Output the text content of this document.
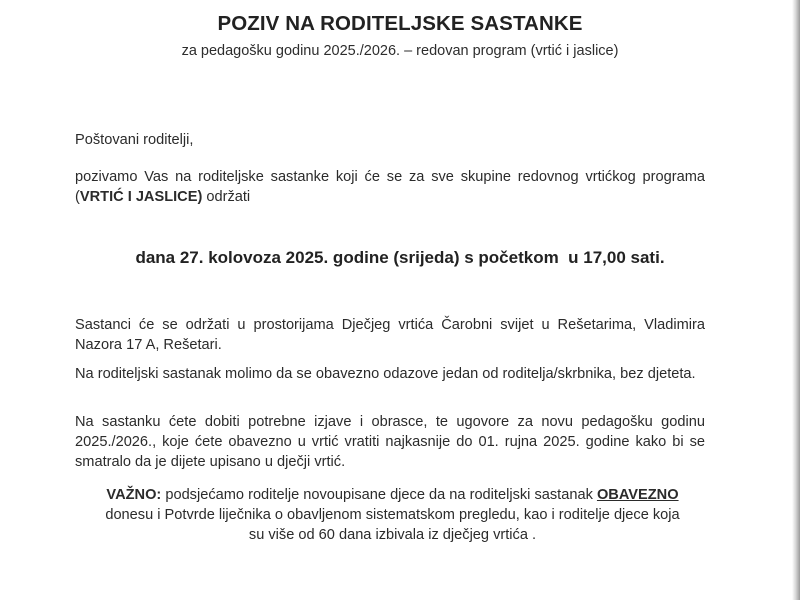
POZIV NA RODITELJSKE SASTANKE
za pedagošku godinu 2025./2026. – redovan program (vrtić i jaslice)
Poštovani roditelji,
pozivamo Vas na roditeljske sastanke koji će se za sve skupine redovnog vrtićkog programa (VRTIĆ I JASLICE) održati
dana 27. kolovoza 2025. godine (srijeda) s početkom  u 17,00 sati.
Sastanci će se održati u prostorijama Dječjeg vrtića Čarobni svijet u Rešetarima, Vladimira Nazora 17 A, Rešetari.
Na roditeljski sastanak molimo da se obavezno odazove jedan od roditelja/skrbnika, bez djeteta.
Na sastanku ćete dobiti potrebne izjave i obrasce, te ugovore za novu pedagošku godinu 2025./2026., koje ćete obavezno u vrtić vratiti najkasnije do 01. rujna 2025. godine kako bi se smatralo da je dijete upisano u dječji vrtić.
VAŽNO: podsjećamo roditelje novoupisane djece da na roditeljski sastanak OBAVEZNO
donesu i Potvrde liječnika o obavljenom sistematskom pregledu, kao i roditelje djece koja
su više od 60 dana izbivala iz dječjeg vrtića .
